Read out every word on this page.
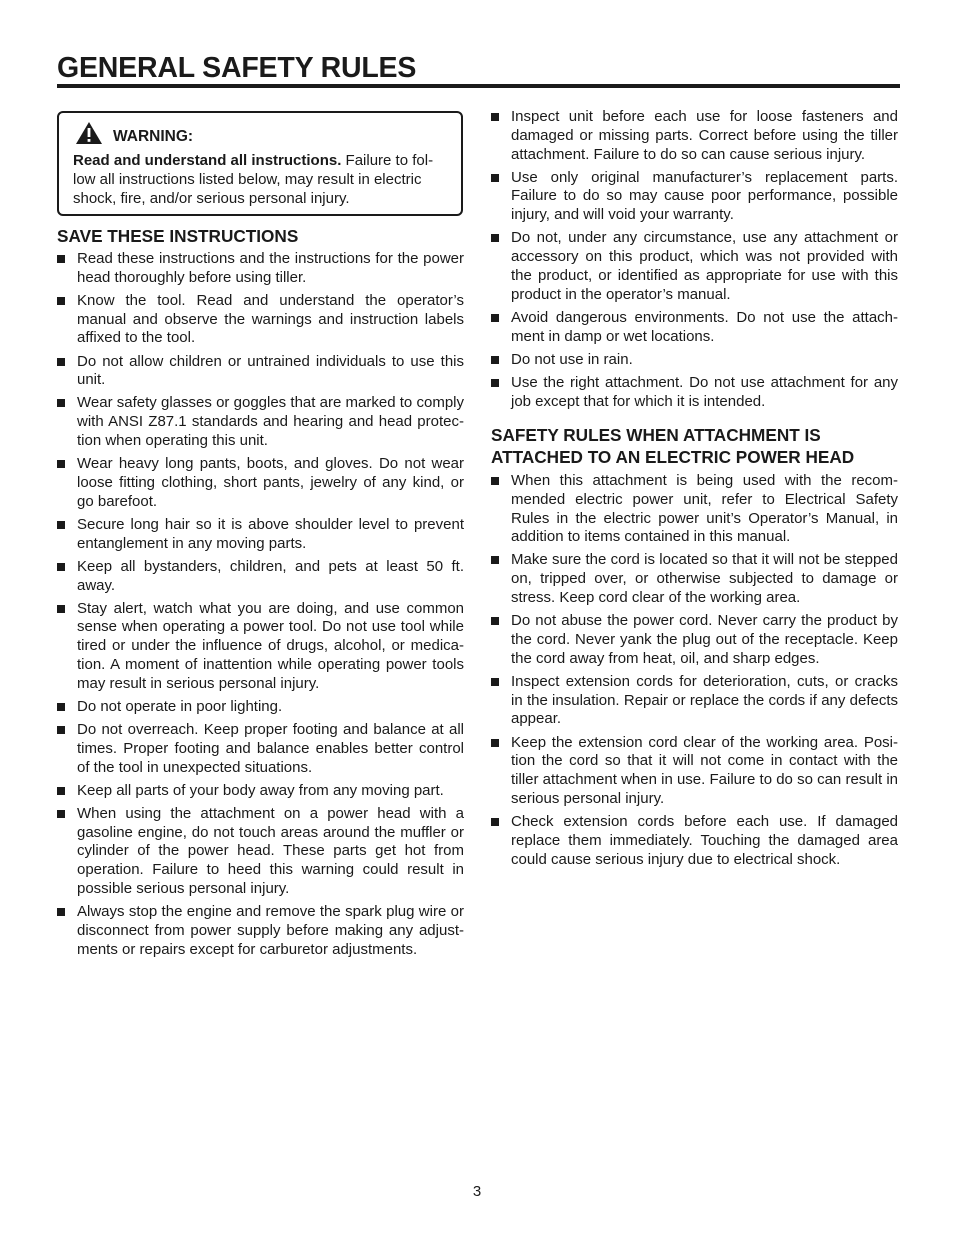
GENERAL SAFETY RULES
WARNING:
Read and understand all instructions. Failure to fol- low all instructions listed below, may result in electric shock, fire, and/or serious personal injury.
SAVE THESE INSTRUCTIONS
Read these instructions and the instructions for the power head thoroughly before using tiller.
Know the tool. Read and understand the operator’s manual and observe the warnings and instruction labels affixed to the tool.
Do not allow children or untrained individuals to use this unit.
Wear safety glasses or goggles that are marked to comply with ANSI Z87.1 standards and hearing and head protec- tion when operating this unit.
Wear heavy long pants, boots, and gloves. Do not wear loose fitting clothing, short pants, jewelry of any kind, or go barefoot.
Secure long hair so it is above shoulder level to prevent entanglement in any moving parts.
Keep all bystanders, children, and pets at least 50 ft. away.
Stay alert, watch what you are doing, and use common sense when operating a power tool. Do not use tool while tired or under the influence of drugs, alcohol, or medica- tion. A moment of inattention while operating power tools may result in serious personal injury.
Do not operate in poor lighting.
Do not overreach. Keep proper footing and balance at all times. Proper footing and balance enables better control of the tool in unexpected situations.
Keep all parts of your body away from any moving part.
When using the attachment on a power head with a gasoline engine, do not touch areas around the muffler or cylinder of the power head. These parts get hot from operation. Failure to heed this warning could result in possible serious personal injury.
Always stop the engine and remove the spark plug wire or disconnect from power supply before making any adjust- ments or repairs except for carburetor adjustments.
Inspect unit before each use for loose fasteners and damaged or missing parts. Correct before using the tiller attachment. Failure to do so can cause serious injury.
Use only original manufacturer’s replacement parts. Failure to do so may cause poor performance, possible injury, and will void your warranty.
Do not, under any circumstance, use any attachment or accessory on this product, which was not provided with the product, or identified as appropriate for use with this product in the operator’s manual.
Avoid dangerous environments. Do not use the attach- ment in damp or wet locations.
Do not use in rain.
Use the right attachment. Do not use attachment for any job except that for which it is intended.
SAFETY RULES WHEN ATTACHMENT IS
ATTACHED TO AN ELECTRIC POWER HEAD
When this attachment is being used with the recom- mended electric power unit, refer to Electrical Safety Rules in the electric power unit’s Operator’s Manual, in addition to items contained in this manual.
Make sure the cord is located so that it will not be stepped on, tripped over, or otherwise subjected to damage or stress. Keep cord clear of the working area.
Do not abuse the power cord. Never carry the product by the cord. Never yank the plug out of the receptacle. Keep the cord away from heat, oil, and sharp edges.
Inspect extension cords for deterioration, cuts, or cracks in the insulation. Repair or replace the cords if any defects appear.
Keep the extension cord clear of the working area. Posi- tion the cord so that it will not come in contact with the tiller attachment when in use. Failure to do so can result in serious personal injury.
Check extension cords before each use. If damaged replace them immediately. Touching the damaged area could cause serious injury due to electrical shock.
3
